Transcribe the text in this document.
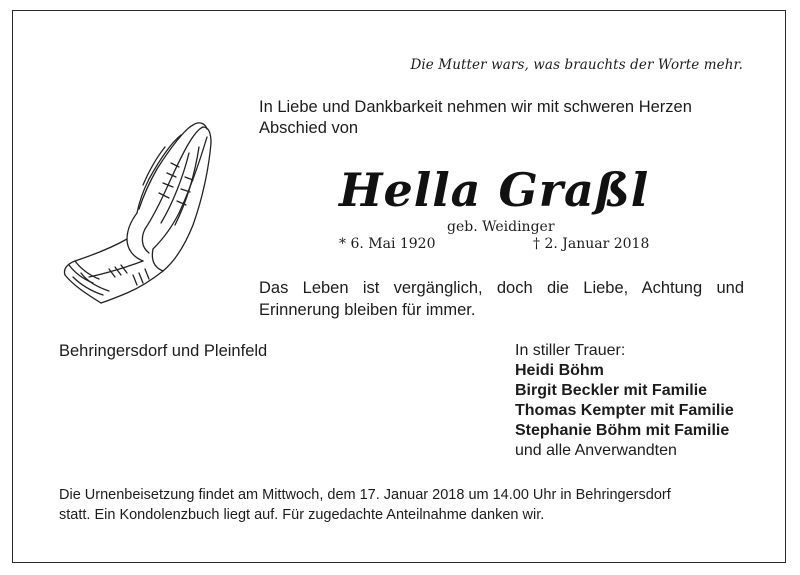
Die Mutter wars, was brauchts der Worte mehr.
In Liebe und Dankbarkeit nehmen wir mit schweren Herzen
Abschied von
Hella Graßl
geb. Weidinger
* 6. Mai 1920	† 2. Januar 2018
Das Leben ist vergänglich, doch die Liebe, Achtung und Erinnerung bleiben für immer.
Behringersdorf und Pleinfeld	In stiller Trauer:
Heidi Böhm
Birgit Beckler mit Familie
Thomas Kempter mit Familie
Stephanie Böhm mit Familie
und alle Anverwandten
Die Urnenbeisetzung findet am Mittwoch, dem 17. Januar 2018 um 14.00 Uhr in Behringersdorf
statt. Ein Kondolenzbuch liegt auf. Für zugedachte Anteilnahme danken wir.
